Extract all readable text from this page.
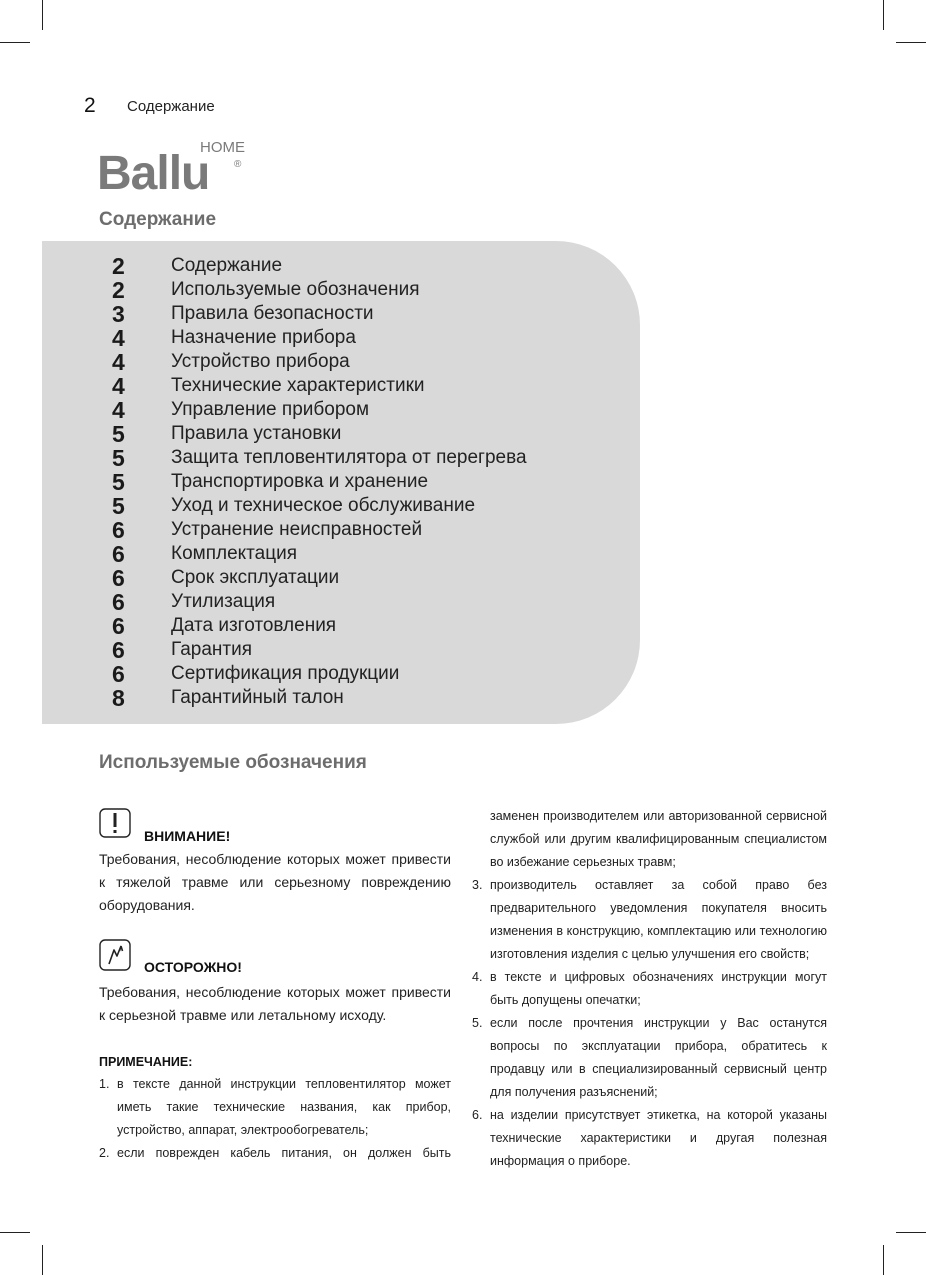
2 Содержание
Ballu
HOME
®
Содержание
2	Содержание
2	Используемые обозначения
3	Правила безопасности
4	Назначение прибора
4	Устройство прибора
4	Технические характеристики
4	Управление прибором
5	Правила установки
5	Защита тепловентилятора от перегрева
5	Транспортировка и хранение
5	Уход и техническое обслуживание
6	Устранение неисправностей
6	Комплектация
6	Срок эксплуатации
6	Утилизация
6	Дата изготовления
6	Гарантия
6	Сертификация продукции
8	Гарантийный талон
Используемые обозначения
ВНИМАНИЕ!
Требования, несоблюдение которых может привести к тяжелой травме или серьезному повреждению оборудования.
ОСТОРОЖНО!
Требования, несоблюдение которых может привести к серьезной травме или летальному исходу.
ПРИМЕЧАНИЕ:
1. в тексте данной инструкции тепловентилятор может иметь такие технические названия, как прибор, устройство, аппарат, электрообогреватель;
2. если поврежден кабель питания, он должен быть
заменен производителем или авторизованной сервисной службой или другим квалифицированным специалистом во избежание серьезных травм;
3. производитель оставляет за собой право без предварительного уведомления покупателя вносить изменения в конструкцию, комплектацию или технологию изготовления изделия с целью улучшения его свойств;
4. в тексте и цифровых обозначениях инструкции могут быть допущены опечатки;
5. если после прочтения инструкции у Вас останутся вопросы по эксплуатации прибора, обратитесь к продавцу или в специализированный сервисный центр для получения разъяснений;
6. на изделии присутствует этикетка, на которой указаны технические характеристики и другая полезная информация о приборе.
